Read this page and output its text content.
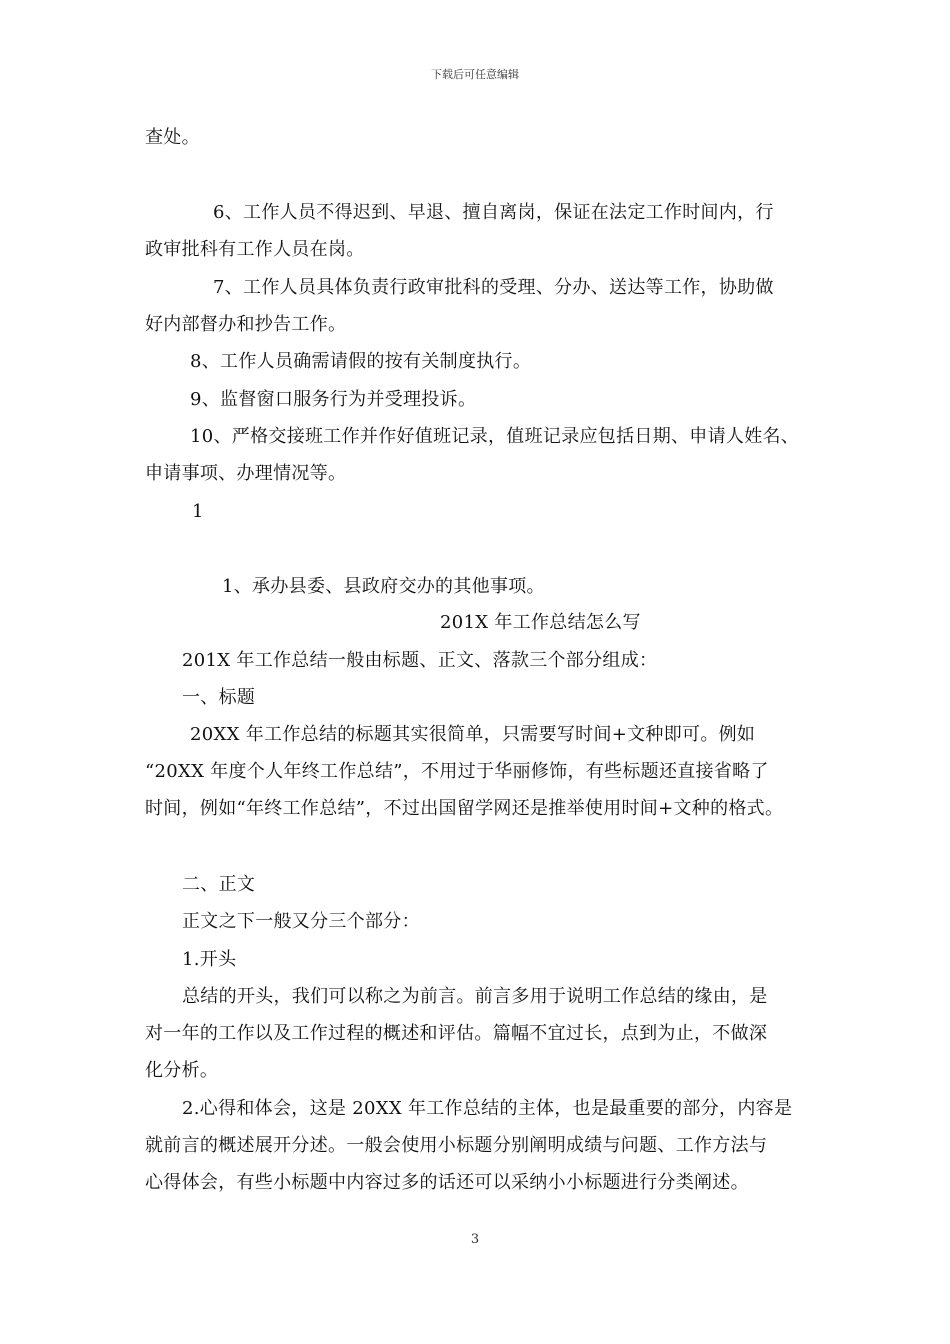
下载后可任意编辑
查处。
6、工作人员不得迟到、早退、擅自离岗，保证在法定工作时间内，行
政审批科有工作人员在岗。
7、工作人员具体负责行政审批科的受理、分办、送达等工作，协助做
好内部督办和抄告工作。
8、工作人员确需请假的按有关制度执行。
9、监督窗口服务行为并受理投诉。
10、严格交接班工作并作好值班记录，值班记录应包括日期、申请人姓名、
申请事项、办理情况等。
1
1、承办县委、县政府交办的其他事项。
201X 年工作总结怎么写
201X 年工作总结一般由标题、正文、落款三个部分组成：
一、标题
20XX 年工作总结的标题其实很简单，只需要写时间+文种即可。例如
“20XX 年度个人年终工作总结”，不用过于华丽修饰，有些标题还直接省略了
时间，例如“年终工作总结”，不过出国留学网还是推举使用时间+文种的格式。
二、正文
正文之下一般又分三个部分：
1.开头
总结的开头，我们可以称之为前言。前言多用于说明工作总结的缘由，是
对一年的工作以及工作过程的概述和评估。篇幅不宜过长，点到为止，不做深
化分析。
2.心得和体会，这是 20XX 年工作总结的主体，也是最重要的部分，内容是
就前言的概述展开分述。一般会使用小标题分别阐明成绩与问题、工作方法与
心得体会，有些小标题中内容过多的话还可以采纳小小标题进行分类阐述。
3
